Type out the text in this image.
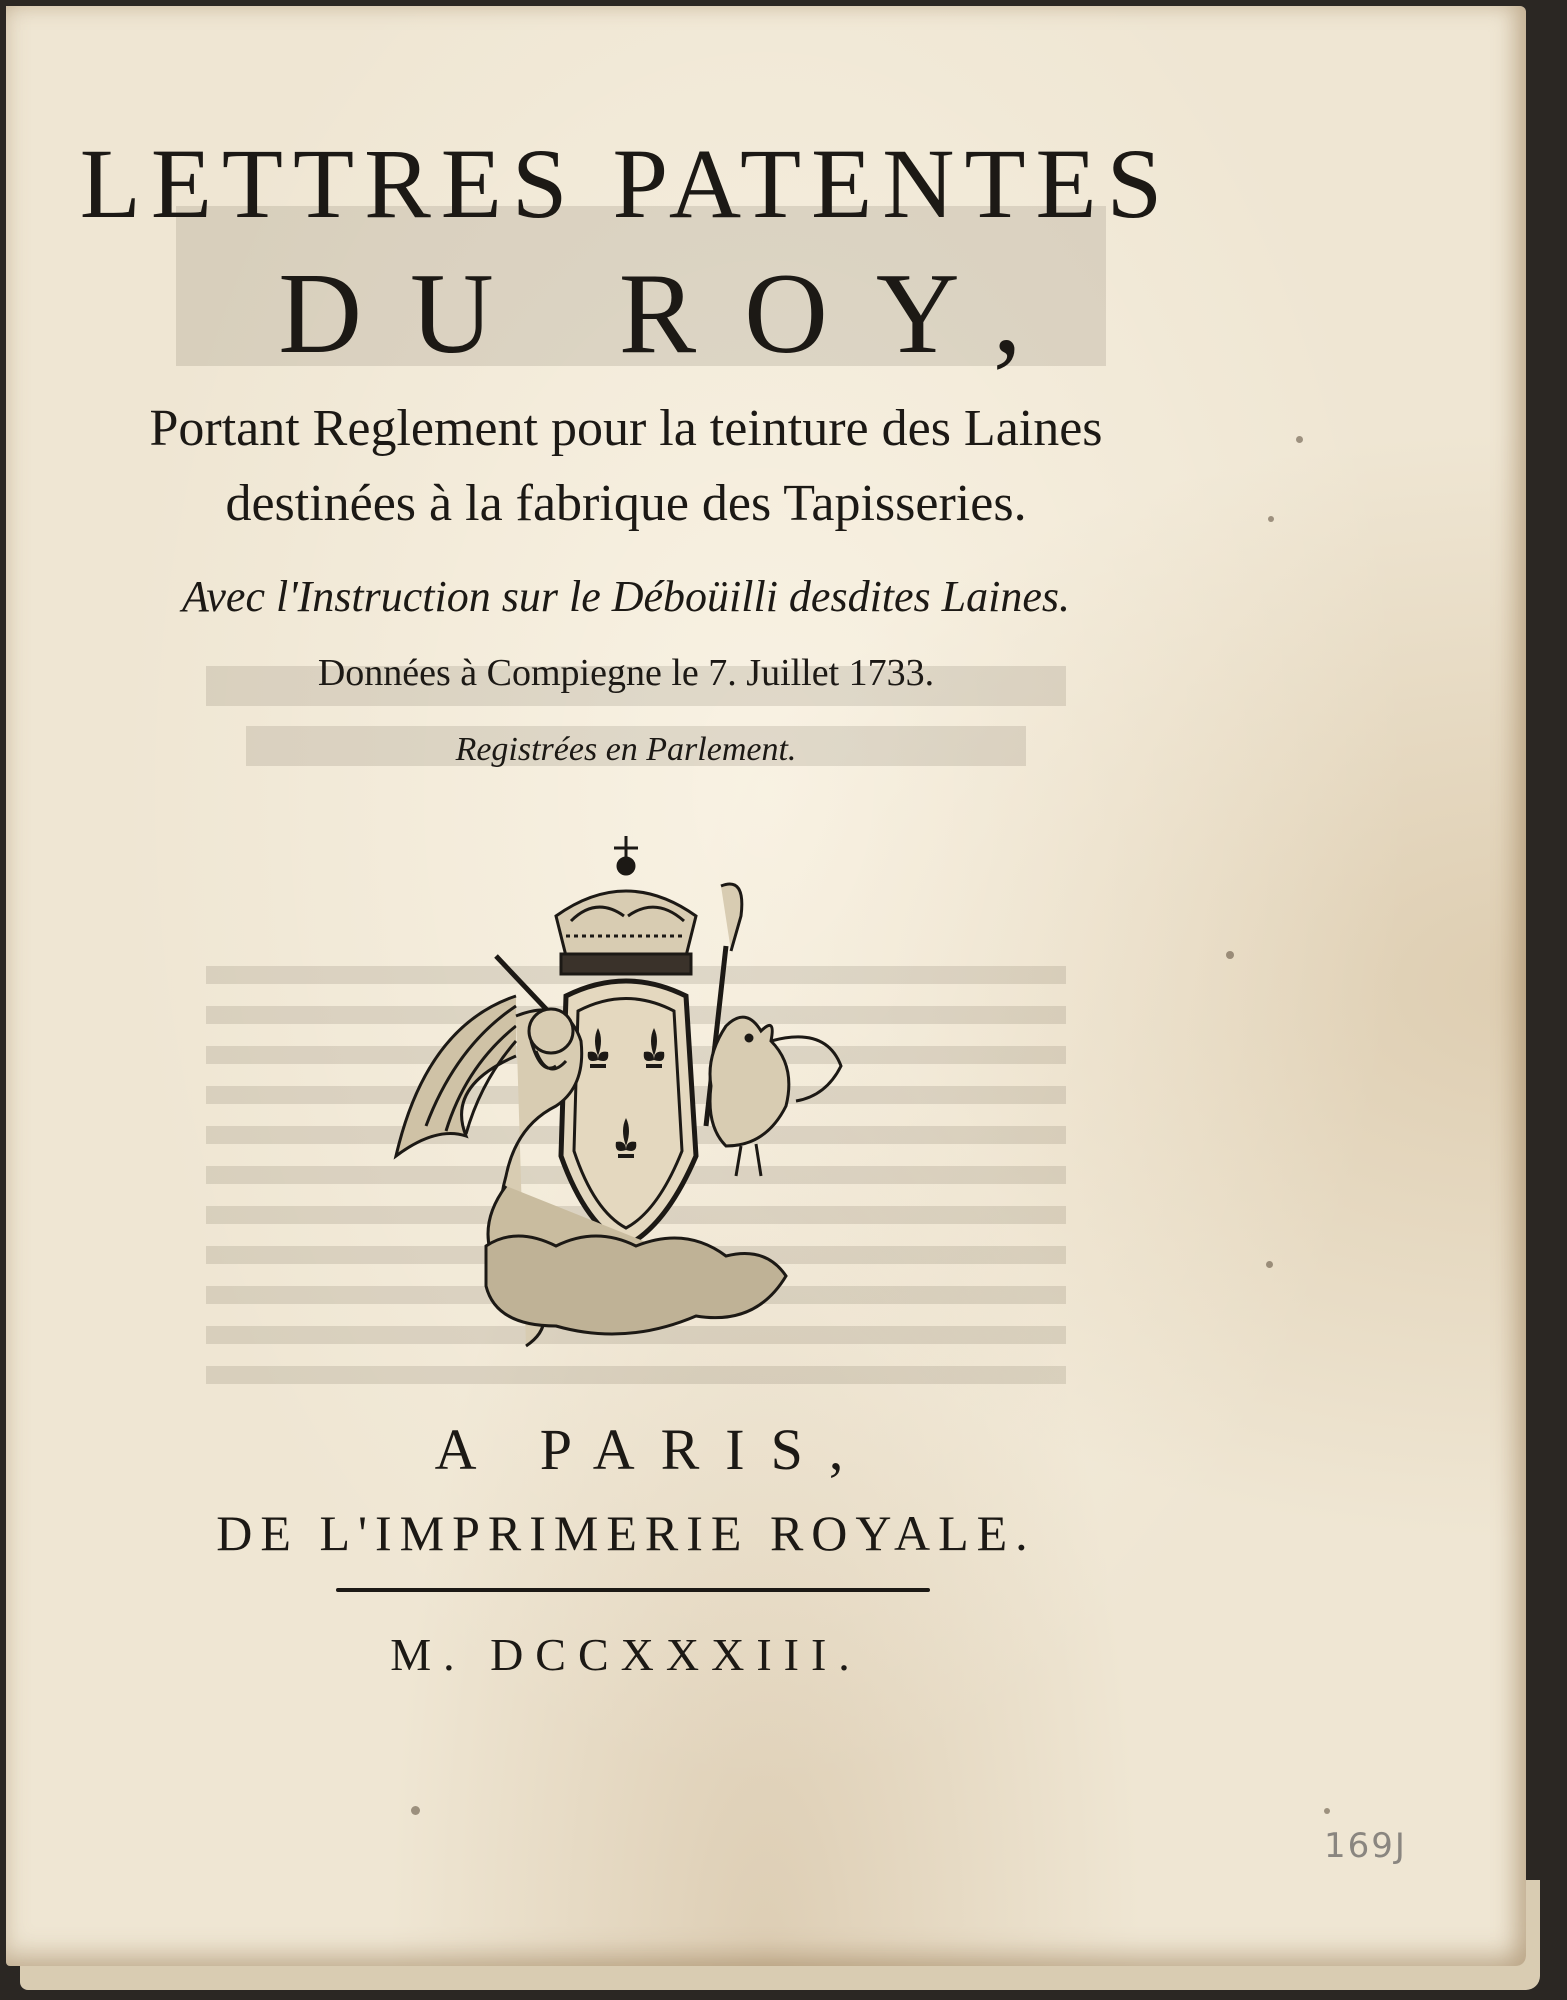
LETTRES PATENTES
DU ROY,
Portant Reglement pour la teinture des Laines
destinées à la fabrique des Tapisseries.
Avec l'Instruction sur le Déboüilli desdites Laines.
Données à Compiegne le 7. Juillet 1733.
Registrées en Parlement.
A PARIS,
DE L'IMPRIMERIE ROYALE.
M. DCCXXXIII.
169J
